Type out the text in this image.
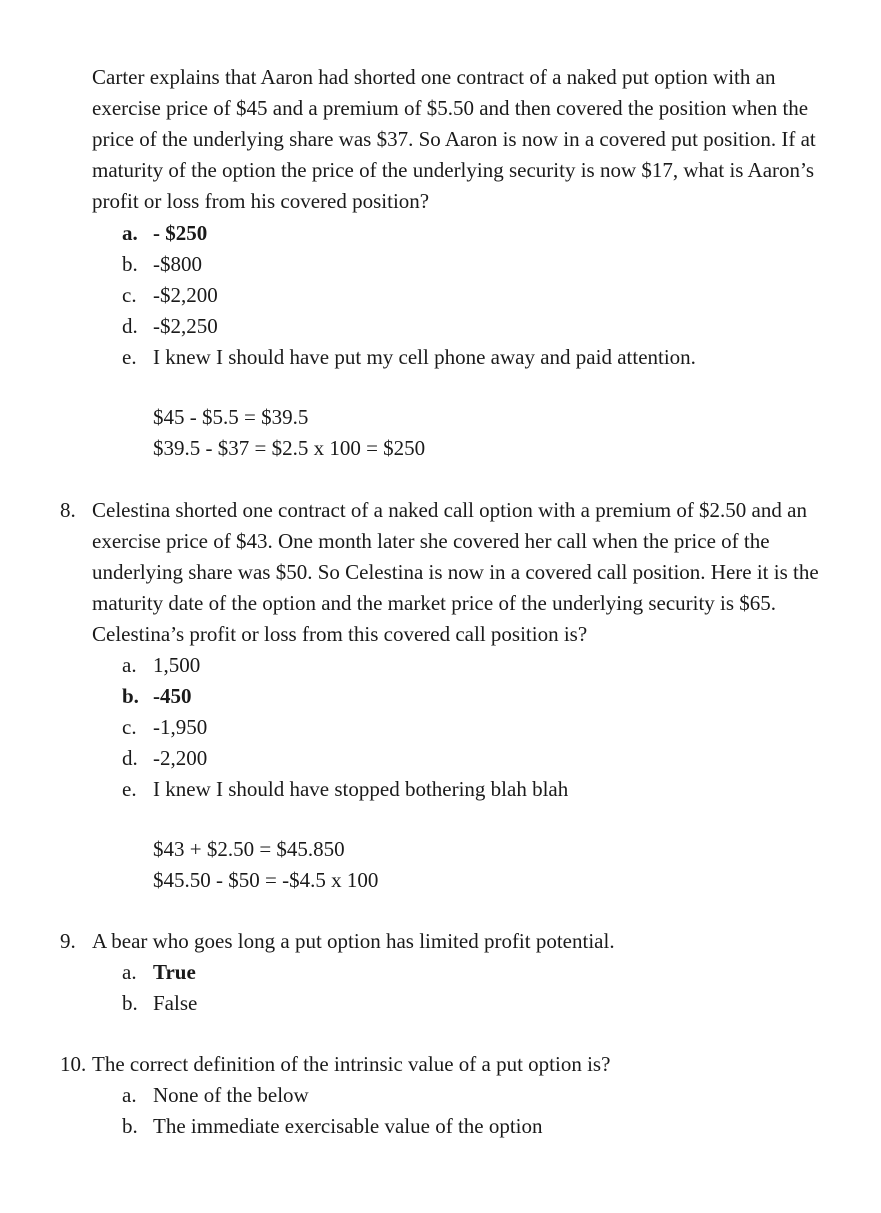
Carter explains that Aaron had shorted one contract of a naked put option with an exercise price of $45 and a premium of $5.50 and then covered the position when the price of the underlying share was $37. So Aaron is now in a covered put position. If at maturity of the option the price of the underlying security is now $17, what is Aaron’s profit or loss from his covered position?

a. - $250
b. -$800
c. -$2,200
d. -$2,250
e. I knew I should have put my cell phone away and paid attention.
$45 - $5.5 = $39.5
$39.5 - $37 = $2.5 x 100 = $250
8. Celestina shorted one contract of a naked call option with a premium of $2.50 and an exercise price of $43. One month later she covered her call when the price of the underlying share was $50. So Celestina is now in a covered call position. Here it is the maturity date of the option and the market price of the underlying security is $65. Celestina’s profit or loss from this covered call position is?

a. 1,500
b. -450
c. -1,950
d. -2,200
e. I knew I should have stopped bothering blah blah
$43 + $2.50 = $45.850
$45.50 - $50 = -$4.5 x 100
9. A bear who goes long a put option has limited profit potential.

a. True
b. False
10. The correct definition of the intrinsic value of a put option is?

a. None of the below
b. The immediate exercisable value of the option
